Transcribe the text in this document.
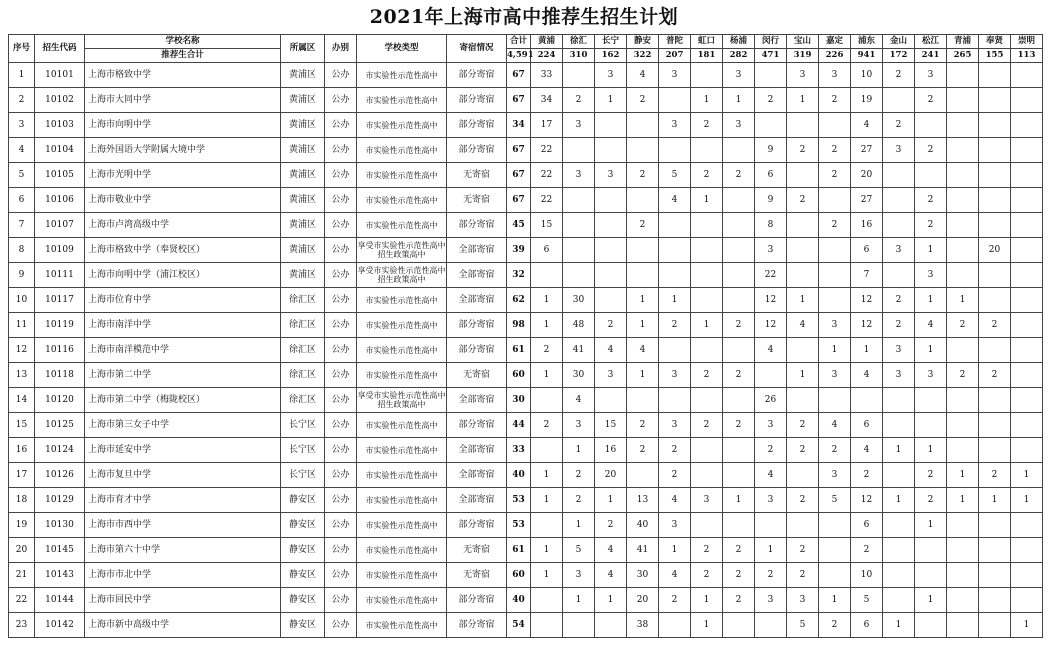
2021年上海市高中推荐生招生计划
序号	招生代码	学校名称	所属区	办别	学校类型	寄宿情况	合计	黄浦	徐汇	长宁	静安	普陀	虹口	杨浦	闵行	宝山	嘉定	浦东	金山	松江	青浦	奉贤	崇明
		推荐生合计					4,591	224	310	162	322	207	181	282	471	319	226	941	172	241	265	155	113
1	10101	上海市格致中学	黄浦区	公办	市实验性示范性高中	部分寄宿	67	33		3	4	3		3		3	3	10	2	3			
2	10102	上海市大同中学	黄浦区	公办	市实验性示范性高中	部分寄宿	67	34	2	1	2		1	1	2	1	2	19		2			
3	10103	上海市向明中学	黄浦区	公办	市实验性示范性高中	部分寄宿	34	17	3			3	2	3				4	2				
4	10104	上海外国语大学附属大境中学	黄浦区	公办	市实验性示范性高中	部分寄宿	67	22							9	2	2	27	3	2			
5	10105	上海市光明中学	黄浦区	公办	市实验性示范性高中	无寄宿	67	22	3	3	2	5	2	2	6		2	20					
6	10106	上海市敬业中学	黄浦区	公办	市实验性示范性高中	无寄宿	67	22				4	1		9	2		27		2			
7	10107	上海市卢湾高级中学	黄浦区	公办	市实验性示范性高中	部分寄宿	45	15			2				8		2	16		2			
8	10109	上海市格致中学（奉贤校区）	黄浦区	公办	享受市实验性示范性高中招生政策高中	全部寄宿	39	6							3			6	3	1		20	
9	10111	上海市向明中学（浦江校区）	黄浦区	公办	享受市实验性示范性高中招生政策高中	全部寄宿	32								22			7		3			
10	10117	上海市位育中学	徐汇区	公办	市实验性示范性高中	全部寄宿	62	1	30		1	1			12	1		12	2	1	1		
11	10119	上海市南洋中学	徐汇区	公办	市实验性示范性高中	部分寄宿	98	1	48	2	1	2	1	2	12	4	3	12	2	4	2	2	
12	10116	上海市南洋模范中学	徐汇区	公办	市实验性示范性高中	部分寄宿	61	2	41	4	4				4		1	1	3	1			
13	10118	上海市第二中学	徐汇区	公办	市实验性示范性高中	无寄宿	60	1	30	3	1	3	2	2		1	3	4	3	3	2	2	
14	10120	上海市第二中学（梅陇校区）	徐汇区	公办	享受市实验性示范性高中招生政策高中	全部寄宿	30		4						26								
15	10125	上海市第三女子中学	长宁区	公办	市实验性示范性高中	部分寄宿	44	2	3	15	2	3	2	2	3	2	4	6					
16	10124	上海市延安中学	长宁区	公办	市实验性示范性高中	全部寄宿	33		1	16	2	2			2	2	2	4	1	1			
17	10126	上海市复旦中学	长宁区	公办	市实验性示范性高中	全部寄宿	40	1	2	20		2			4		3	2		2	1	2	1
18	10129	上海市育才中学	静安区	公办	市实验性示范性高中	全部寄宿	53	1	2	1	13	4	3	1	3	2	5	12	1	2	1	1	1
19	10130	上海市市西中学	静安区	公办	市实验性示范性高中	部分寄宿	53		1	2	40	3						6		1			
20	10145	上海市第六十中学	静安区	公办	市实验性示范性高中	无寄宿	61	1	5	4	41	1	2	2	1	2		2					
21	10143	上海市市北中学	静安区	公办	市实验性示范性高中	无寄宿	60	1	3	4	30	4	2	2	2	2		10					
22	10144	上海市回民中学	静安区	公办	市实验性示范性高中	部分寄宿	40		1	1	20	2	1	2	3	3	1	5		1			
23	10142	上海市新中高级中学	静安区	公办	市实验性示范性高中	部分寄宿	54				38		1			5	2	6	1				1
